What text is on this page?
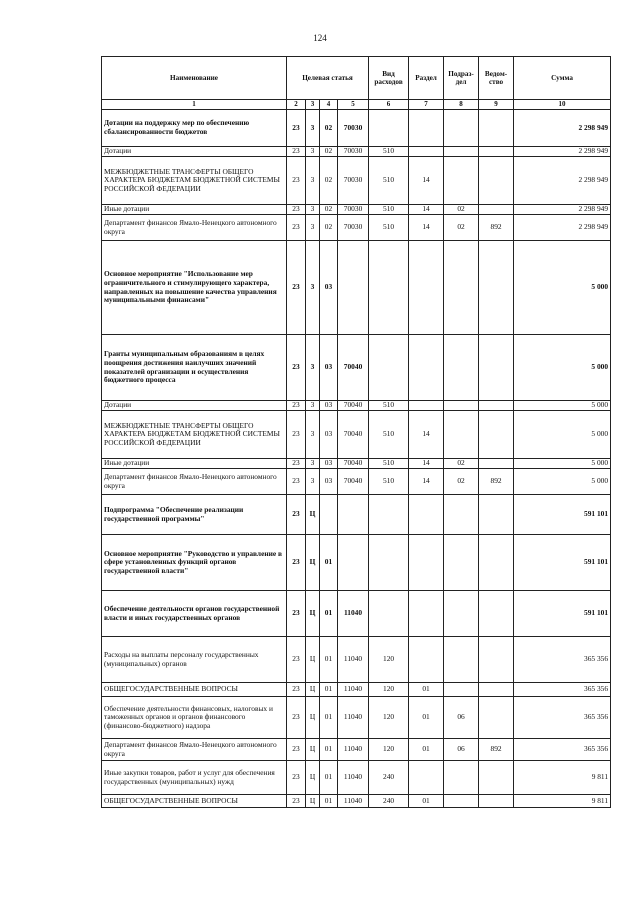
124
Наименование	Целевая статья				Вид расходов	Раздел	Подраз-дел	Ведом-ство	Сумма
1	2	3	4	5	6	7	8	9	10
Дотации на поддержку мер по обеспечению сбалансированности бюджетов	23	3	02	70030					2 298 949
Дотации	23	3	02	70030	510				2 298 949
МЕЖБЮДЖЕТНЫЕ ТРАНСФЕРТЫ ОБЩЕГО ХАРАКТЕРА БЮДЖЕТАМ БЮДЖЕТНОЙ СИСТЕМЫ РОССИЙСКОЙ ФЕДЕРАЦИИ	23	3	02	70030	510	14			2 298 949
Иные дотации	23	3	02	70030	510	14	02		2 298 949
Департамент финансов Ямало-Ненецкого автономного округа	23	3	02	70030	510	14	02	892	2 298 949
Основное мероприятие "Использование мер ограничительного и стимулирующего характера, направленных на повышение качества управления муниципальными финансами"	23	3	03						5 000
Гранты муниципальным образованиям в целях поощрения достижения наилучших значений показателей организации и осуществления бюджетного процесса	23	3	03	70040					5 000
Дотации	23	3	03	70040	510				5 000
МЕЖБЮДЖЕТНЫЕ ТРАНСФЕРТЫ ОБЩЕГО ХАРАКТЕРА БЮДЖЕТАМ БЮДЖЕТНОЙ СИСТЕМЫ РОССИЙСКОЙ ФЕДЕРАЦИИ	23	3	03	70040	510	14			5 000
Иные дотации	23	3	03	70040	510	14	02		5 000
Департамент финансов Ямало-Ненецкого автономного округа	23	3	03	70040	510	14	02	892	5 000
Подпрограмма "Обеспечение реализации государственной программы"	23	Ц							591 101
Основное мероприятие "Руководство и управление в сфере установленных функций органов государственной власти"	23	Ц	01						591 101
Обеспечение деятельности органов государственной власти и иных государственных органов	23	Ц	01	11040					591 101
Расходы на выплаты персоналу государственных (муниципальных) органов	23	Ц	01	11040	120				365 356
ОБЩЕГОСУДАРСТВЕННЫЕ ВОПРОСЫ	23	Ц	01	11040	120	01			365 356
Обеспечение деятельности финансовых, налоговых и таможенных органов и органов финансового (финансово-бюджетного) надзора	23	Ц	01	11040	120	01	06		365 356
Департамент финансов Ямало-Ненецкого автономного округа	23	Ц	01	11040	120	01	06	892	365 356
Иные закупки товаров, работ и услуг для обеспечения государственных (муниципальных) нужд	23	Ц	01	11040	240				9 811
ОБЩЕГОСУДАРСТВЕННЫЕ ВОПРОСЫ	23	Ц	01	11040	240	01			9 811
